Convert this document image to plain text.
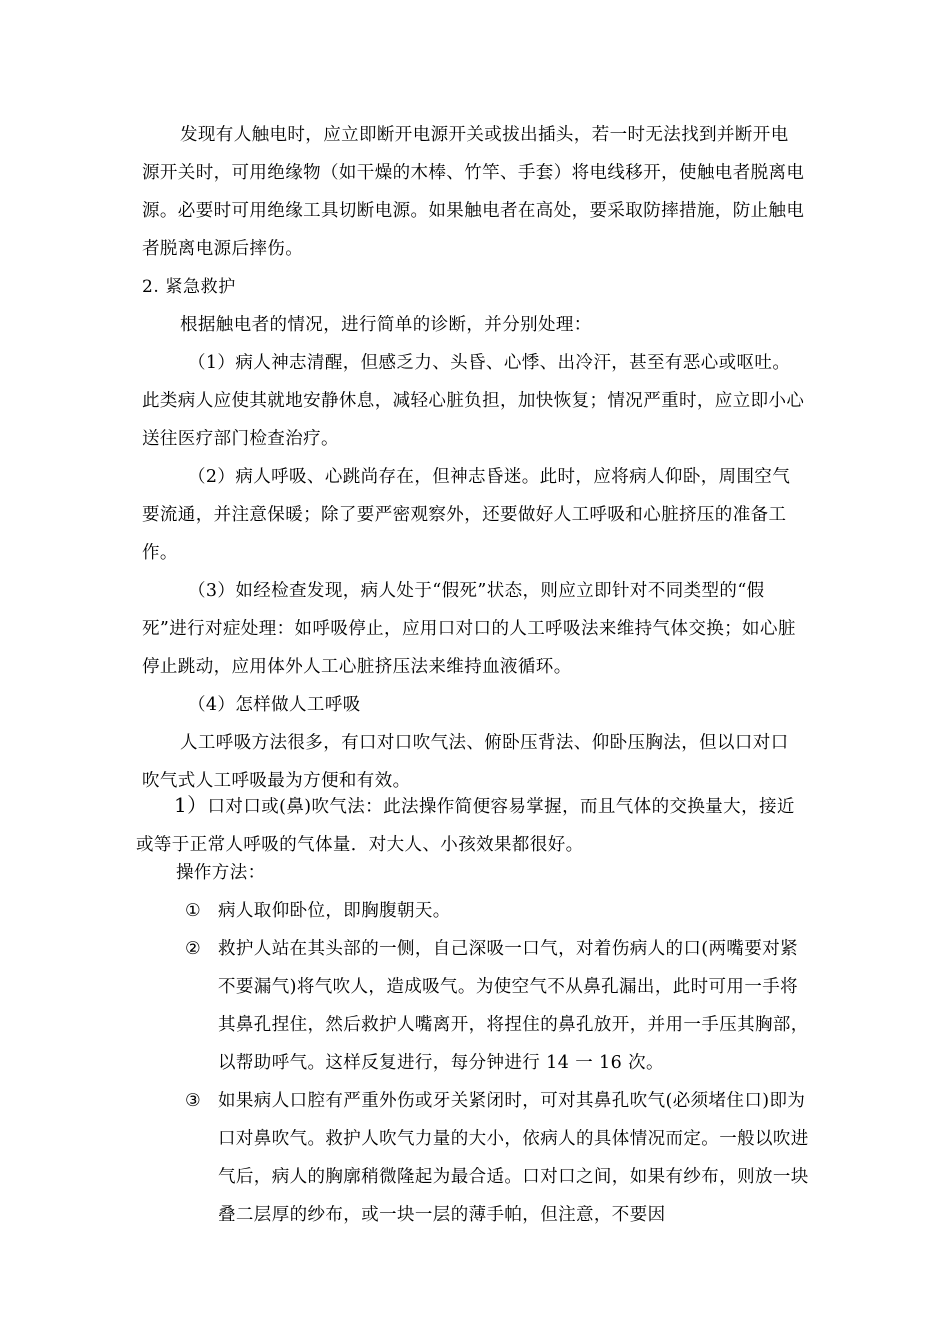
发现有人触电时，应立即断开电源开关或拔出插头，若一时无法找到并断开电源开关时，可用绝缘物（如干燥的木棒、竹竿、手套）将电线移开，使触电者脱离电源。必要时可用绝缘工具切断电源。如果触电者在高处，要采取防摔措施，防止触电者脱离电源后摔伤。
2. 紧急救护
根据触电者的情况，进行简单的诊断，并分别处理：
（1）病人神志清醒，但感乏力、头昏、心悸、出冷汗，甚至有恶心或呕吐。此类病人应使其就地安静休息，减轻心脏负担，加快恢复；情况严重时，应立即小心送往医疗部门检查治疗。
（2）病人呼吸、心跳尚存在，但神志昏迷。此时，应将病人仰卧，周围空气要流通，并注意保暖；除了要严密观察外，还要做好人工呼吸和心脏挤压的准备工作。
（3）如经检查发现，病人处于“假死”状态，则应立即针对不同类型的“假死”进行对症处理：如呼吸停止，应用口对口的人工呼吸法来维持气体交换；如心脏停止跳动，应用体外人工心脏挤压法来维持血液循环。
（4）怎样做人工呼吸
人工呼吸方法很多，有口对口吹气法、俯卧压背法、仰卧压胸法，但以口对口吹气式人工呼吸最为方便和有效。
1）口对口或(鼻)吹气法：此法操作简便容易掌握，而且气体的交换量大，接近或等于正常人呼吸的气体量．对大人、小孩效果都很好。
操作方法：
① 病人取仰卧位，即胸腹朝天。
② 救护人站在其头部的一侧，自己深吸一口气，对着伤病人的口(两嘴要对紧不要漏气)将气吹人，造成吸气。为使空气不从鼻孔漏出，此时可用一手将其鼻孔捏住，然后救护人嘴离开，将捏住的鼻孔放开，并用一手压其胸部，以帮助呼气。这样反复进行，每分钟进行 14 一 16 次。
③ 如果病人口腔有严重外伤或牙关紧闭时，可对其鼻孔吹气(必须堵住口)即为口对鼻吹气。救护人吹气力量的大小，依病人的具体情况而定。一般以吹进气后，病人的胸廓稍微隆起为最合适。口对口之间，如果有纱布，则放一块叠二层厚的纱布，或一块一层的薄手帕，但注意，不要因
